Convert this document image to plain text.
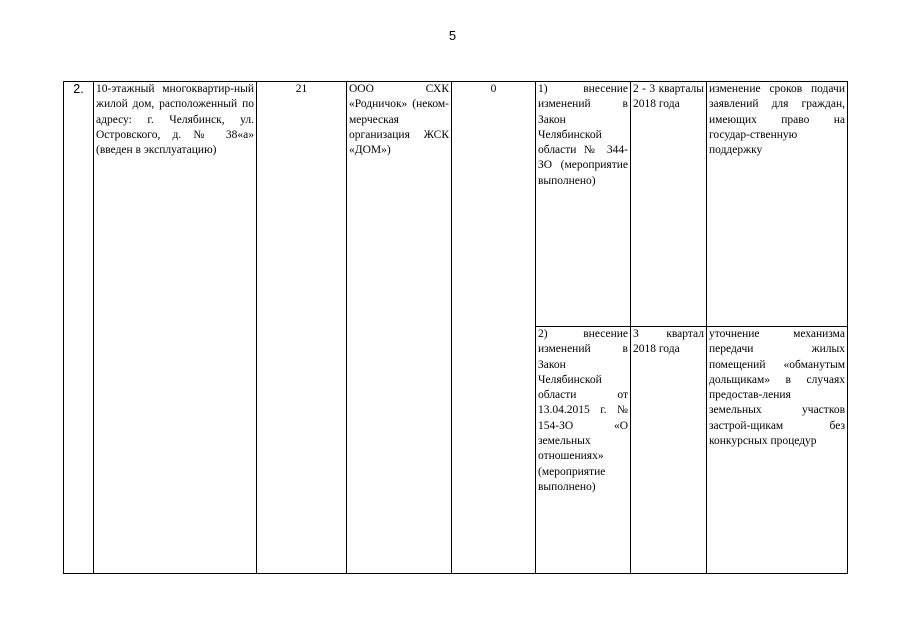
5
2.	10-этажный многоквартир-ный жилой дом, расположенный по адресу: г. Челябинск, ул. Островского, д. № 38«а» (введен в эксплуатацию)	21	ООО СХК «Родничок» (неком-мерческая организация ЖСК «ДОМ»)	0	1) внесение изменений в Закон Челябинской области № 344-ЗО (мероприятие выполнено)	2 - 3 кварталы 2018 года	изменение сроков подачи заявлений для граждан, имеющих право на государ-ственную поддержку
					2) внесение изменений в Закон Челябинской области от 13.04.2015 г. № 154-ЗО «О земельных отношениях» (мероприятие выполнено)	3 квартал 2018 года	уточнение механизма передачи жилых помещений «обманутым дольщикам» в случаях предостав-ления земельных участков застрой-щикам без конкурсных процедур
